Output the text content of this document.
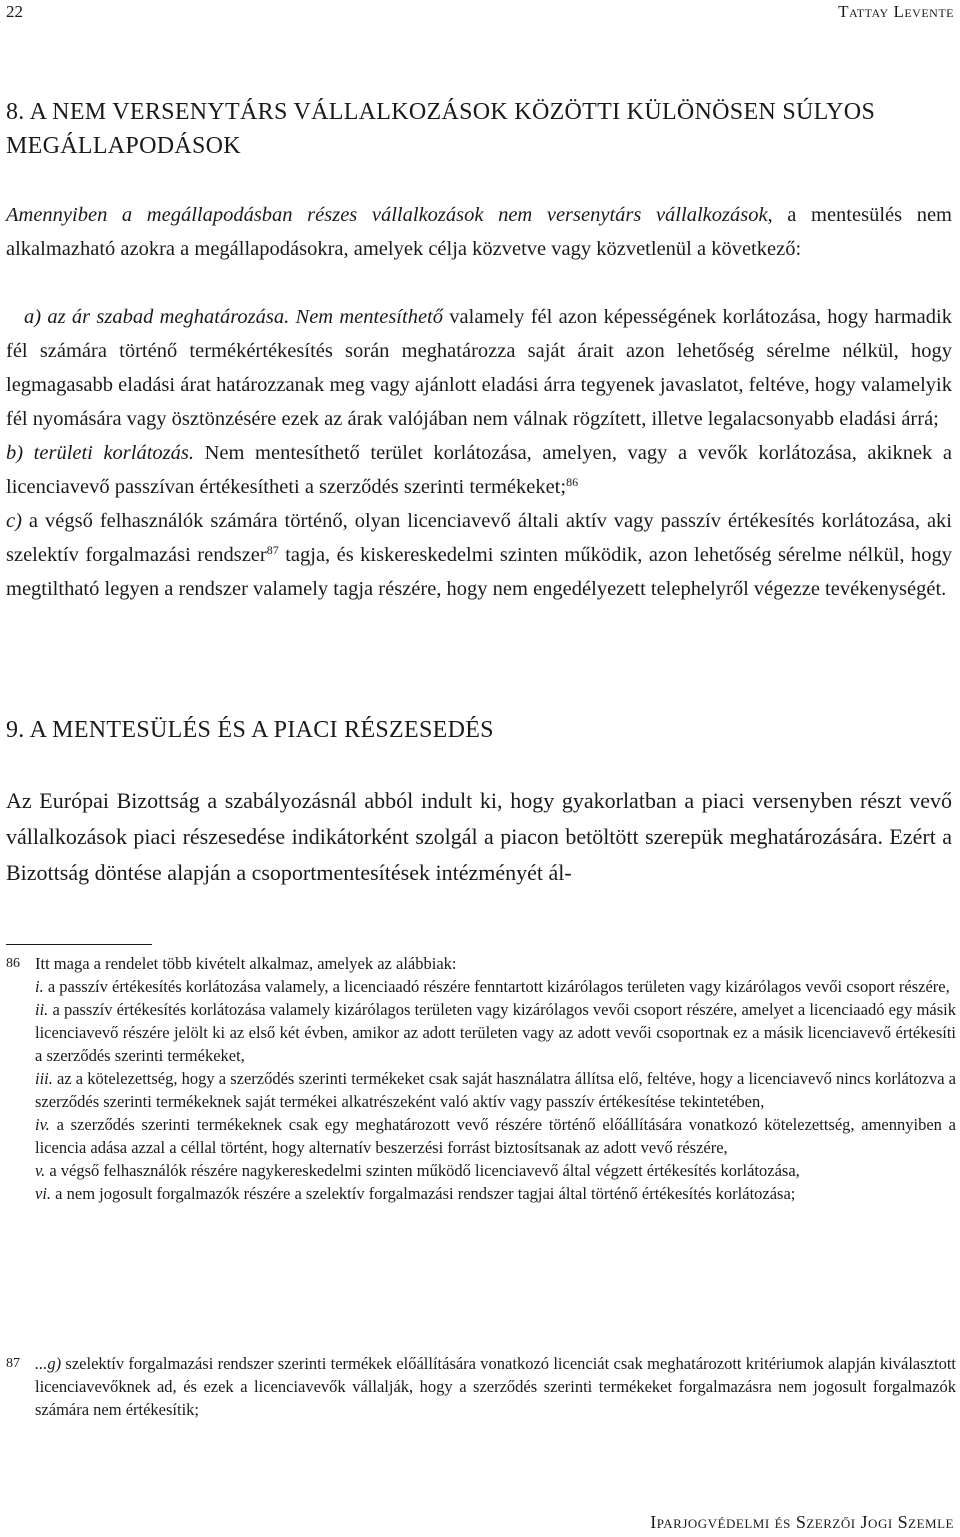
22	Tattay Levente
8. A NEM VERSENYTÁRS VÁLLALKOZÁSOK KÖZÖTTI KÜLÖNÖSEN SÚLYOS MEGÁLLAPODÁSOK
Amennyiben a megállapodásban részes vállalkozások nem versenytárs vállalkozások, a mentesülés nem alkalmazható azokra a megállapodásokra, amelyek célja közvetve vagy közvetlenül a következő:

a) az ár szabad meghatározása. Nem mentesíthető valamely fél azon képességének korlátozása, hogy harmadik fél számára történő termékértékesítés során meghatározza saját árait azon lehetőség sérelme nélkül, hogy legmagasabb eladási árat határozzanak meg vagy ajánlott eladási árra tegyenek javaslatot, feltéve, hogy valamelyik fél nyomására vagy ösztönzésére ezek az árak valójában nem válnak rögzített, illetve legalacsonyabb eladási árrá;

b) területi korlátozás. Nem mentesíthető terület korlátozása, amelyen, vagy a vevők korlátozása, akiknek a licenciavevő passzívan értékesítheti a szerződés szerinti termékeket;$^{86}$

c) a végső felhasználók számára történő, olyan licenciavevő általi aktív vagy passzív értékesítés korlátozása, aki szelektív forgalmazási rendszer$^{87}$ tagja, és kiskereskedelmi szinten működik, azon lehetőség sérelme nélkül, hogy megtiltható legyen a rendszer valamely tagja részére, hogy nem engedélyezett telephelyről végezze tevékenységét.

9. A MENTESÜLÉS ÉS A PIACI RÉSZESEDÉS

Az Európai Bizottság a szabályozásnál abból indult ki, hogy gyakorlatban a piaci versenyben részt vevő vállalkozások piaci részesedése indikátorként szolgál a piacon betöltött szerepük meghatározására. Ezért a Bizottság döntése alapján a csoportmentesítések intézményét ál-

86 Itt maga a rendelet több kivételt alkalmaz, amelyek az alábbiak:
i. a passzív értékesítés korlátozása valamely, a licenciaadó részére fenntartott kizárólagos területen vagy kizárólagos vevői csoport részére,
ii. a passzív értékesítés korlátozása valamely kizárólagos területen vagy kizárólagos vevői csoport részére, amelyet a licenciaadó egy másik licenciavevő részére jelölt ki az első két évben, amikor az adott területen vagy az adott vevői csoportnak ez a másik licenciavevő értékesíti a szerződés szerinti termékeket,
iii. az a kötelezettség, hogy a szerződés szerinti termékeket csak saját használatra állítsa elő, feltéve, hogy a licenciavevő nincs korlátozva a szerződés szerinti termékeknek saját termékei alkatrészeként való aktív vagy passzív értékesítése tekintetében,
iv. a szerződés szerinti termékeknek csak egy meghatározott vevő részére történő előállítására vonatkozó kötelezettség, amennyiben a licencia adása azzal a céllal történt, hogy alternatív beszerzési forrást biztosítsanak az adott vevő részére,
v. a végső felhasználók részére nagykereskedelmi szinten működő licenciavevő által végzett értékesítés korlátozása,
vi. a nem jogosult forgalmazók részére a szelektív forgalmazási rendszer tagjai által történő értékesítés korlátozása;
87 ...g) szelektív forgalmazási rendszer szerinti termékek előállítására vonatkozó licenciát csak meghatározott kritériumok alapján kiválasztott licenciavevőknek ad, és ezek a licenciavevők vállalják, hogy a szerződés szerinti termékeket forgalmazásra nem jogosult forgalmazók számára nem értékesítik;
Iparjogvédelmi és Szerzői Jogi Szemle
